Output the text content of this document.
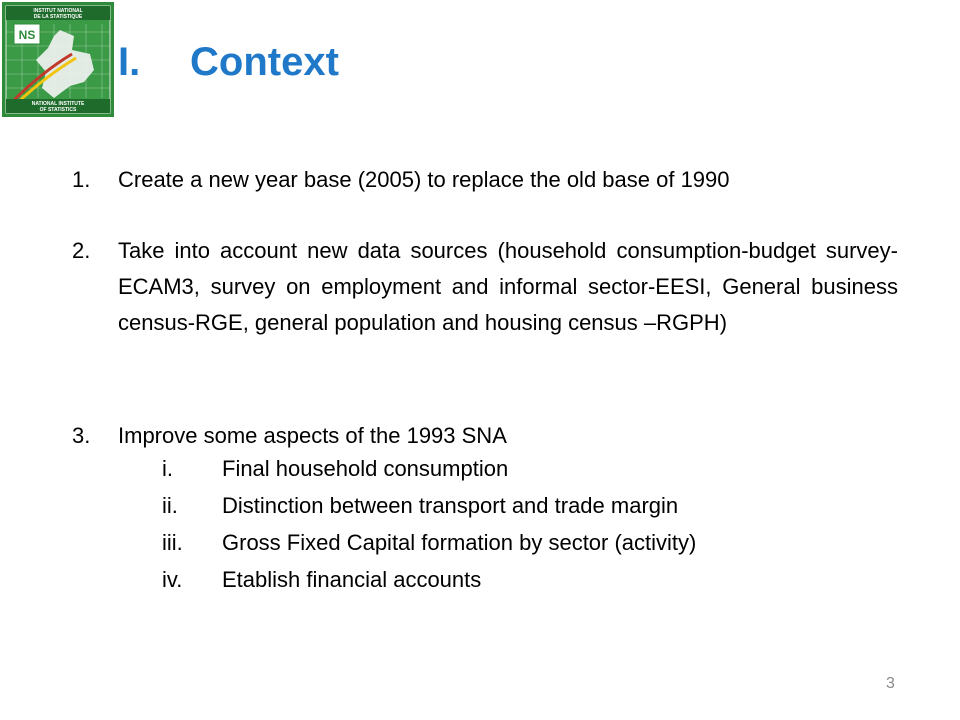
NS
INSTITUT NATIONAL
DE LA STATISTIQUE
NATIONAL INSTITUTE
OF STATISTICS
I.	Context
1. Create a new year base (2005) to replace the old base of 1990
2. Take into account new data sources (household consumption-budget survey-ECAM3, survey on employment and informal sector-EESI, General business census-RGE, general population and housing census –RGPH)
3. Improve some aspects of the 1993 SNA
i. Final household consumption
ii. Distinction between transport and trade margin
iii. Gross Fixed Capital formation by sector (activity)
iv. Etablish financial accounts
3
